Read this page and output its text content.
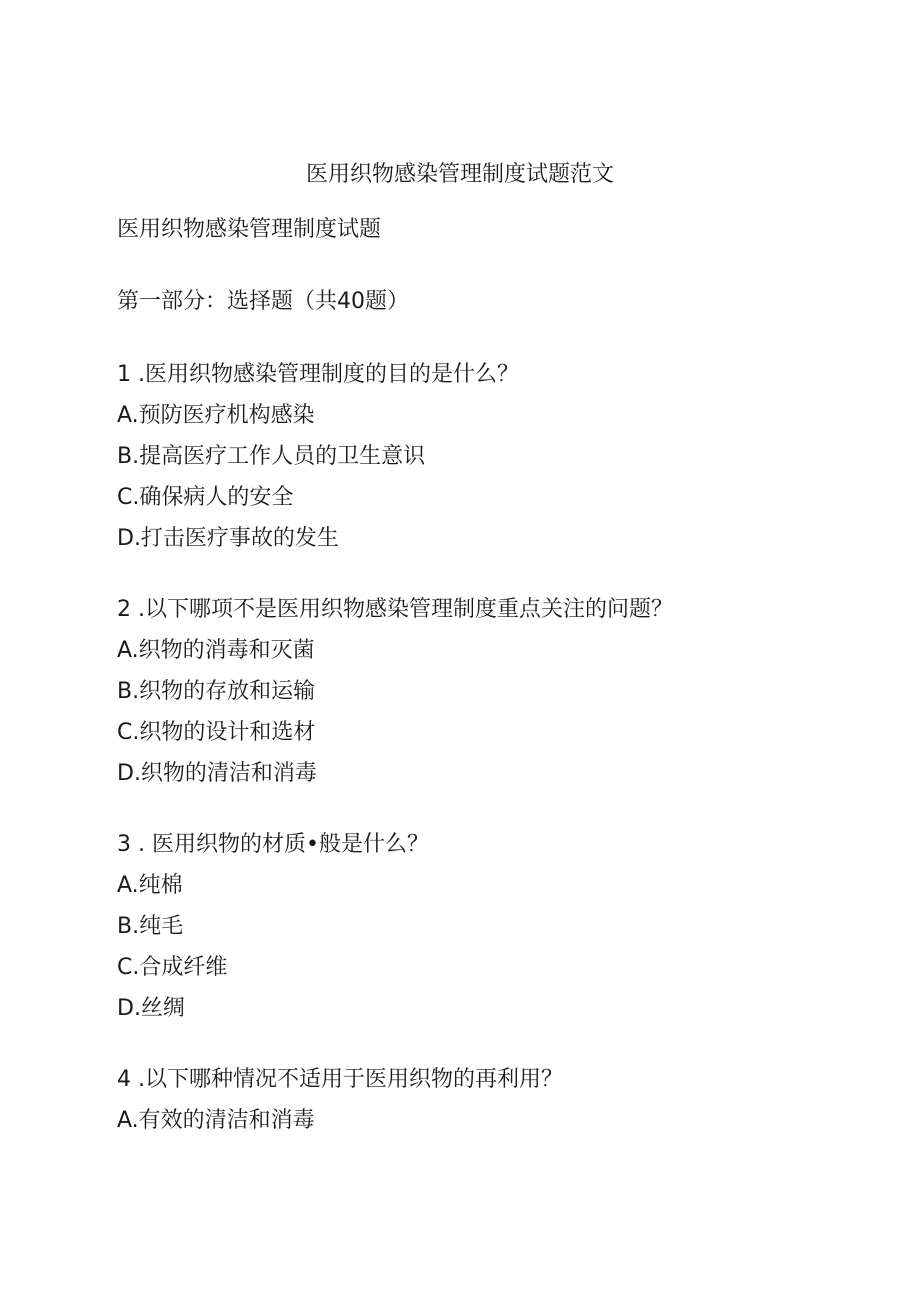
医用织物感染管理制度试题范文
医用织物感染管理制度试题
第一部分：选择题（共40题）
1 .医用织物感染管理制度的目的是什么？
A.预防医疗机构感染
B.提高医疗工作人员的卫生意识
C.确保病人的安全
D.打击医疗事故的发生
2 .以下哪项不是医用织物感染管理制度重点关注的问题？
A.织物的消毒和灭菌
B.织物的存放和运输
C.织物的设计和选材
D.织物的清洁和消毒
3 . 医用织物的材质•般是什么？
A.纯棉
B.纯毛
C.合成纤维
D.丝绸
4 .以下哪种情况不适用于医用织物的再利用？
A.有效的清洁和消毒
